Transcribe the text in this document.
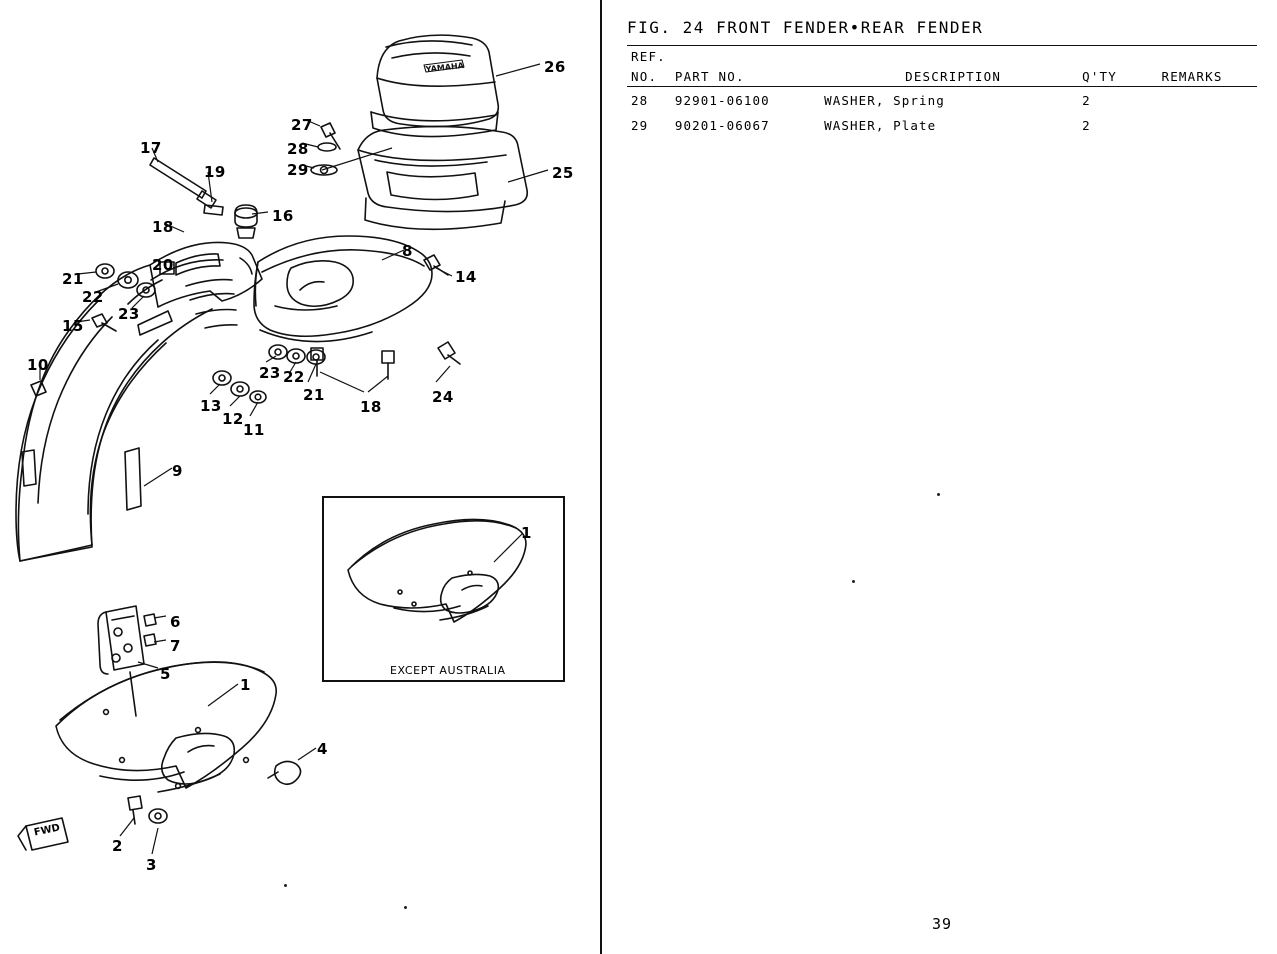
YAMAHA	26
27
28
29	25
17
19
16
18
8
14
21
20
22
23
15
10	23 22
21
18
24
13
12
11
9
6
7
5
1
4
2
3
1
EXCEPT AUSTRALIA
FWD
FIG. 24 FRONT FENDER•REAR FENDER
REF.				
NO.	PART NO.	DESCRIPTION	Q'TY	REMARKS
28	92901-06100	WASHER, Spring	2	
29	90201-06067	WASHER, Plate	2	
39
